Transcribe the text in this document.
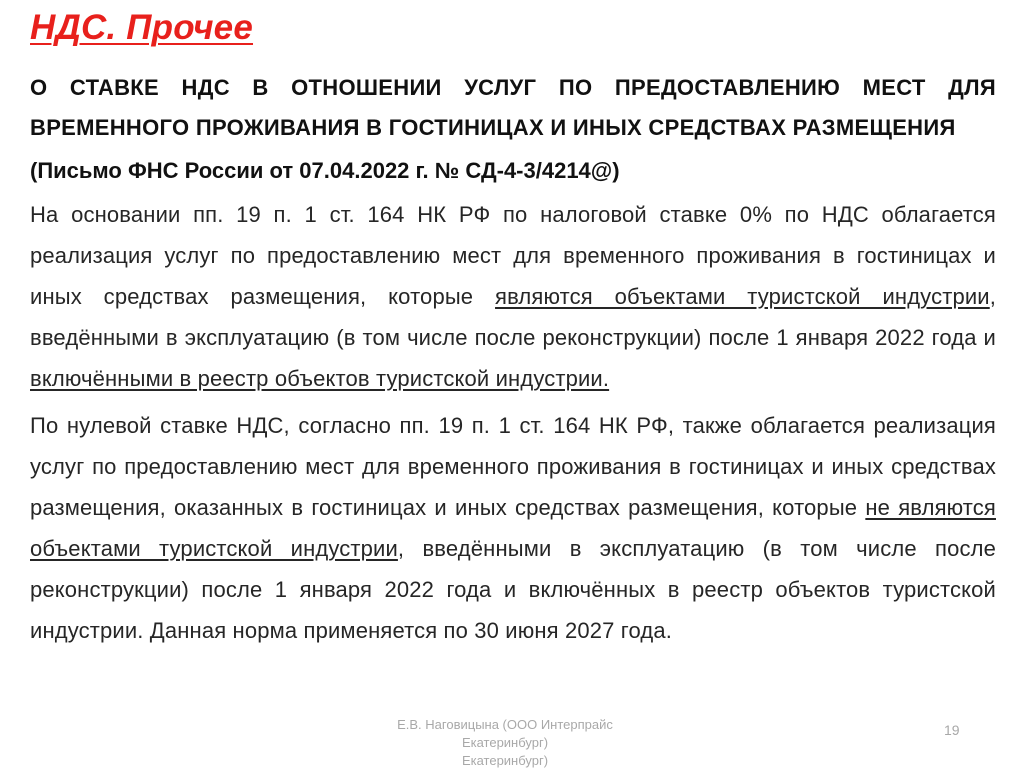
НДС. Прочее

О СТАВКЕ НДС В ОТНОШЕНИИ УСЛУГ ПО ПРЕДОСТАВЛЕНИЮ МЕСТ ДЛЯ ВРЕМЕННОГО ПРОЖИВАНИЯ В ГОСТИНИЦАХ И ИНЫХ СРЕДСТВАХ РАЗМЕЩЕНИЯ

(Письмо ФНС России от 07.04.2022 г. № СД-4-3/4214@)

На основании пп. 19 п. 1 ст. 164 НК РФ по налоговой ставке 0% по НДС облагается реализация услуг по предоставлению мест для временного проживания в гостиницах и иных средствах размещения, которые являются объектами туристской индустрии, введёнными в эксплуатацию (в том числе после реконструкции) после 1 января 2022 года и включёнными в реестр объектов туристской индустрии.

По нулевой ставке НДС, согласно пп. 19 п. 1 ст. 164 НК РФ, также облагается реализация услуг по предоставлению мест для временного проживания в гостиницах и иных средствах размещения, оказанных в гостиницах и иных средствах размещения, которые не являются объектами туристской индустрии, введёнными в эксплуатацию (в том числе после реконструкции) после 1 января 2022 года и включённых в реестр объектов туристской индустрии. Данная норма применяется по 30 июня 2027 года.

Е.В. Наговицына (ООО Интерпрайс Екатеринбург)
Екатеринбург)
19
